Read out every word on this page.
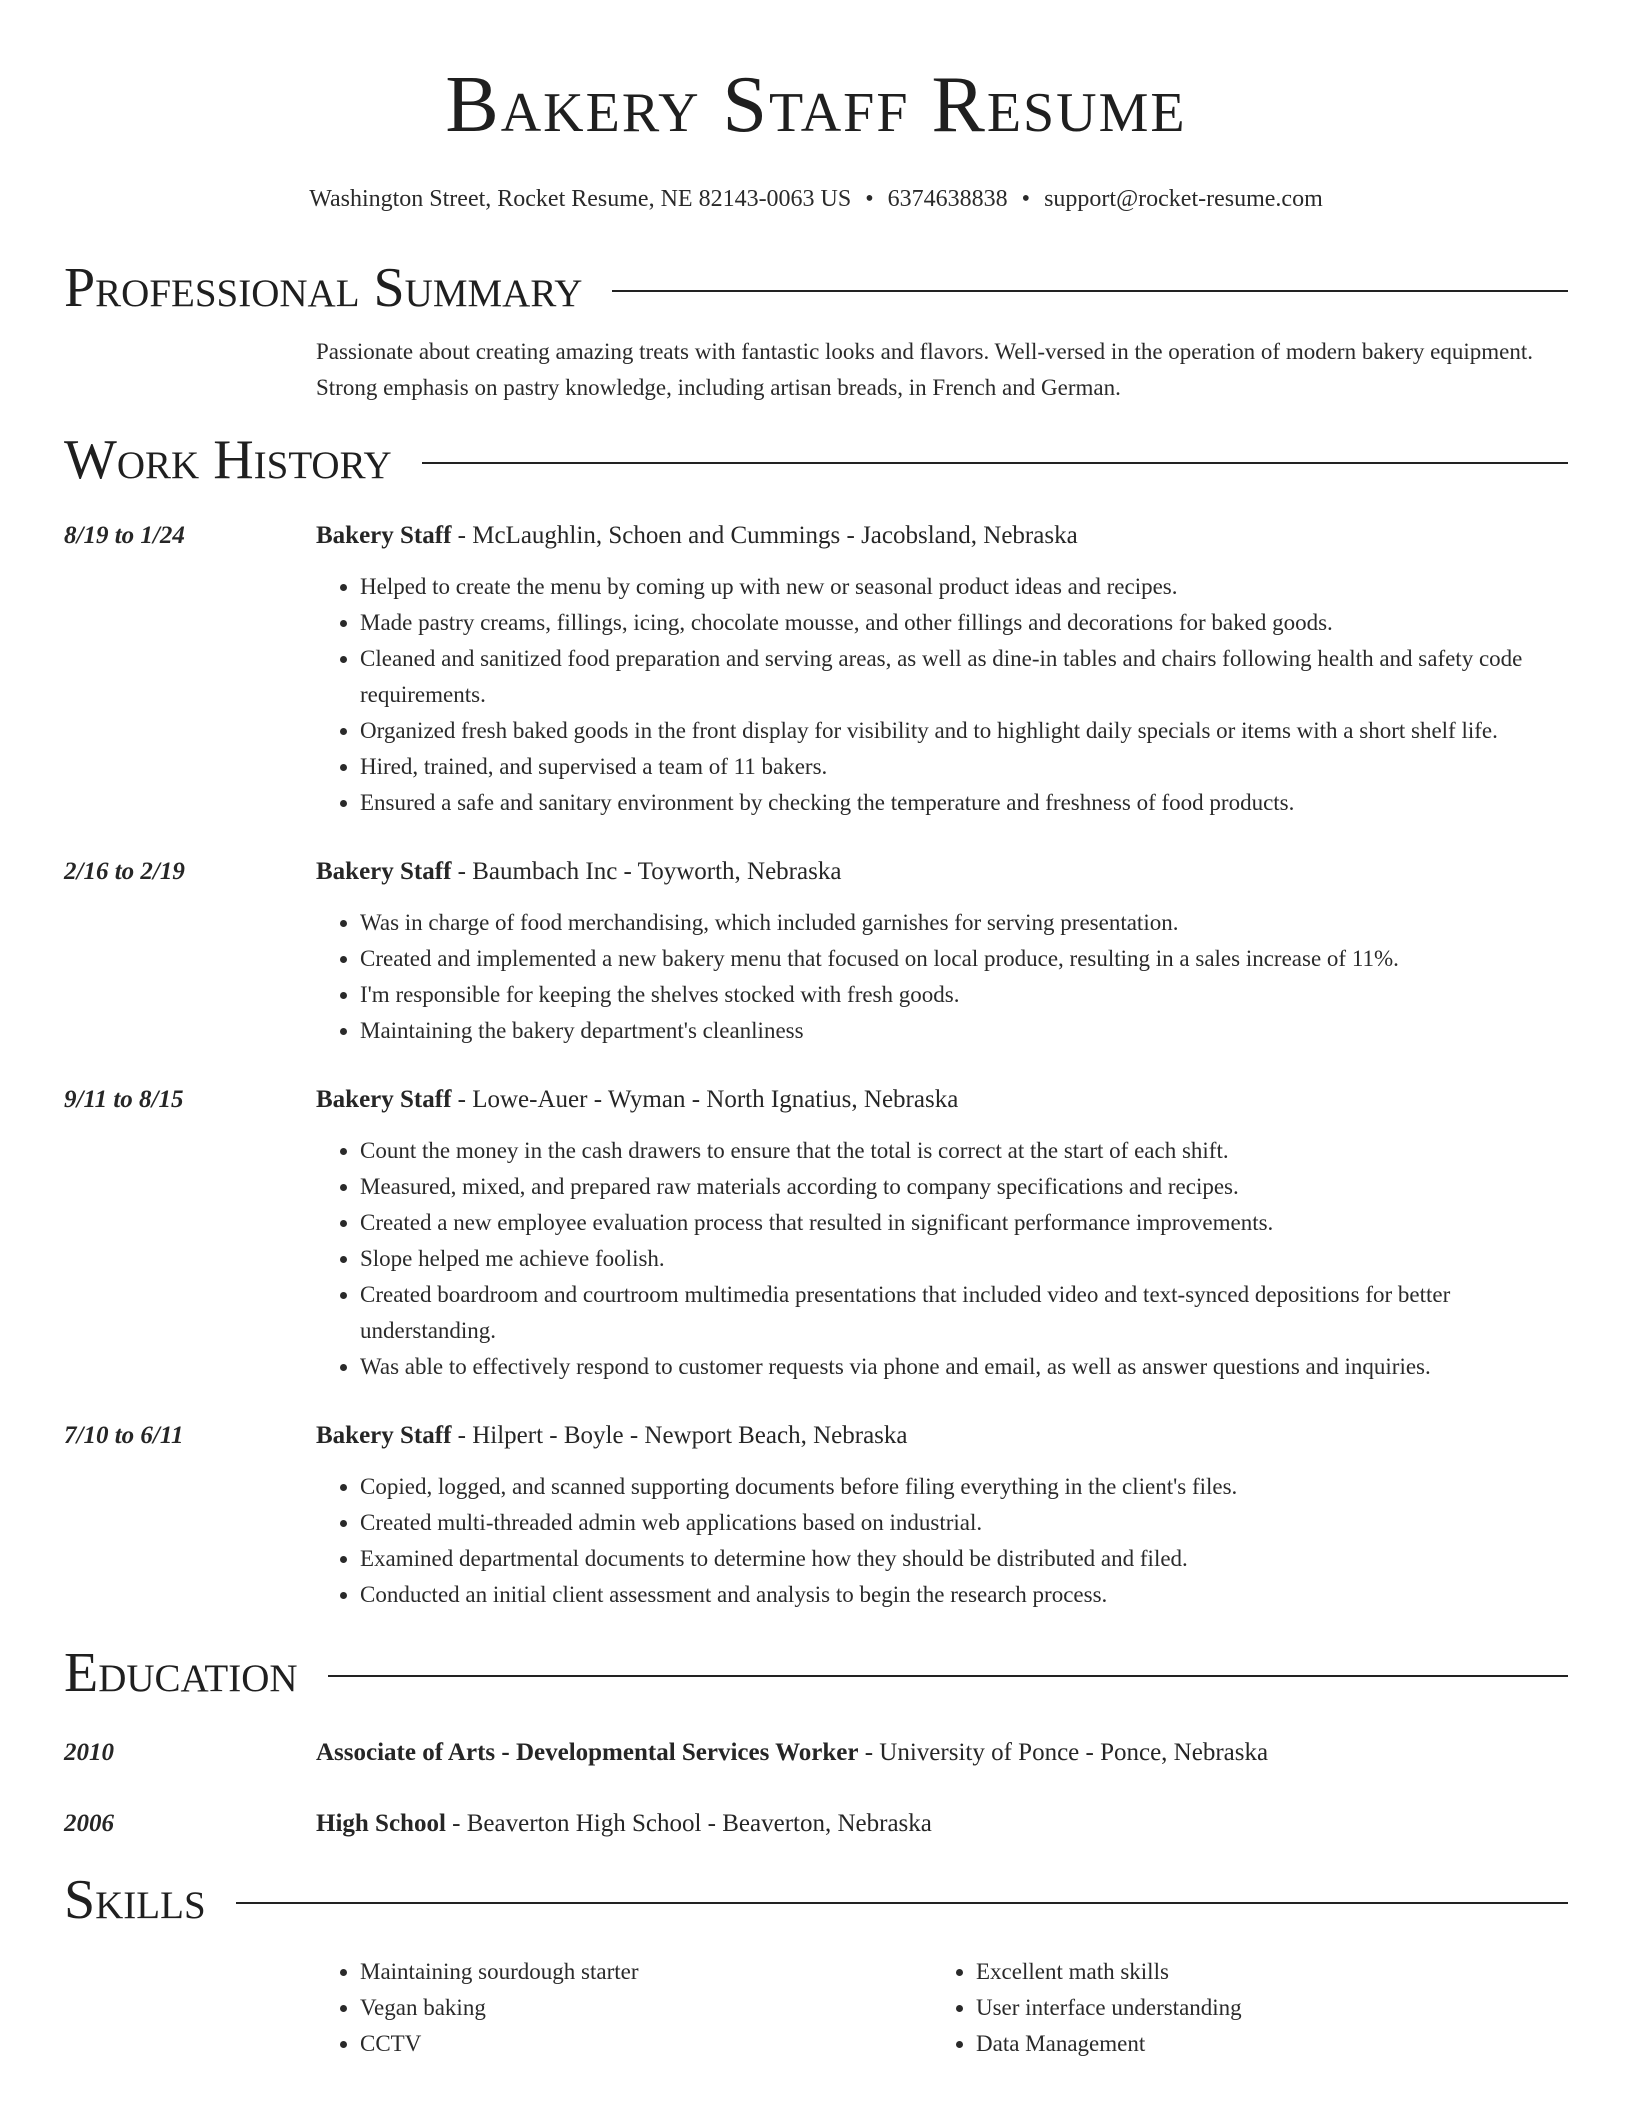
Bakery Staff Resume
Washington Street, Rocket Resume, NE 82143-0063 US • 6374638838 • support@rocket-resume.com
Professional Summary
Passionate about creating amazing treats with fantastic looks and flavors. Well-versed in the operation of modern bakery equipment. Strong emphasis on pastry knowledge, including artisan breads, in French and German.
Work History
8/19 to 1/24	Bakery Staff - McLaughlin, Schoen and Cummings - Jacobsland, Nebraska
• Helped to create the menu by coming up with new or seasonal product ideas and recipes.
• Made pastry creams, fillings, icing, chocolate mousse, and other fillings and decorations for baked goods.
• Cleaned and sanitized food preparation and serving areas, as well as dine-in tables and chairs following health and safety code requirements.
• Organized fresh baked goods in the front display for visibility and to highlight daily specials or items with a short shelf life.
• Hired, trained, and supervised a team of 11 bakers.
• Ensured a safe and sanitary environment by checking the temperature and freshness of food products.
2/16 to 2/19	Bakery Staff - Baumbach Inc - Toyworth, Nebraska
• Was in charge of food merchandising, which included garnishes for serving presentation.
• Created and implemented a new bakery menu that focused on local produce, resulting in a sales increase of 11%.
• I'm responsible for keeping the shelves stocked with fresh goods.
• Maintaining the bakery department's cleanliness
9/11 to 8/15	Bakery Staff - Lowe-Auer - Wyman - North Ignatius, Nebraska
• Count the money in the cash drawers to ensure that the total is correct at the start of each shift.
• Measured, mixed, and prepared raw materials according to company specifications and recipes.
• Created a new employee evaluation process that resulted in significant performance improvements.
• Slope helped me achieve foolish.
• Created boardroom and courtroom multimedia presentations that included video and text-synced depositions for better understanding.
• Was able to effectively respond to customer requests via phone and email, as well as answer questions and inquiries.
7/10 to 6/11	Bakery Staff - Hilpert - Boyle - Newport Beach, Nebraska
• Copied, logged, and scanned supporting documents before filing everything in the client's files.
• Created multi-threaded admin web applications based on industrial.
• Examined departmental documents to determine how they should be distributed and filed.
• Conducted an initial client assessment and analysis to begin the research process.
Education
2010	Associate of Arts - Developmental Services Worker - University of Ponce - Ponce, Nebraska
2006	High School - Beaverton High School - Beaverton, Nebraska
Skills
• Maintaining sourdough starter
• Vegan baking
• CCTV
• Excellent math skills
• User interface understanding
• Data Management
